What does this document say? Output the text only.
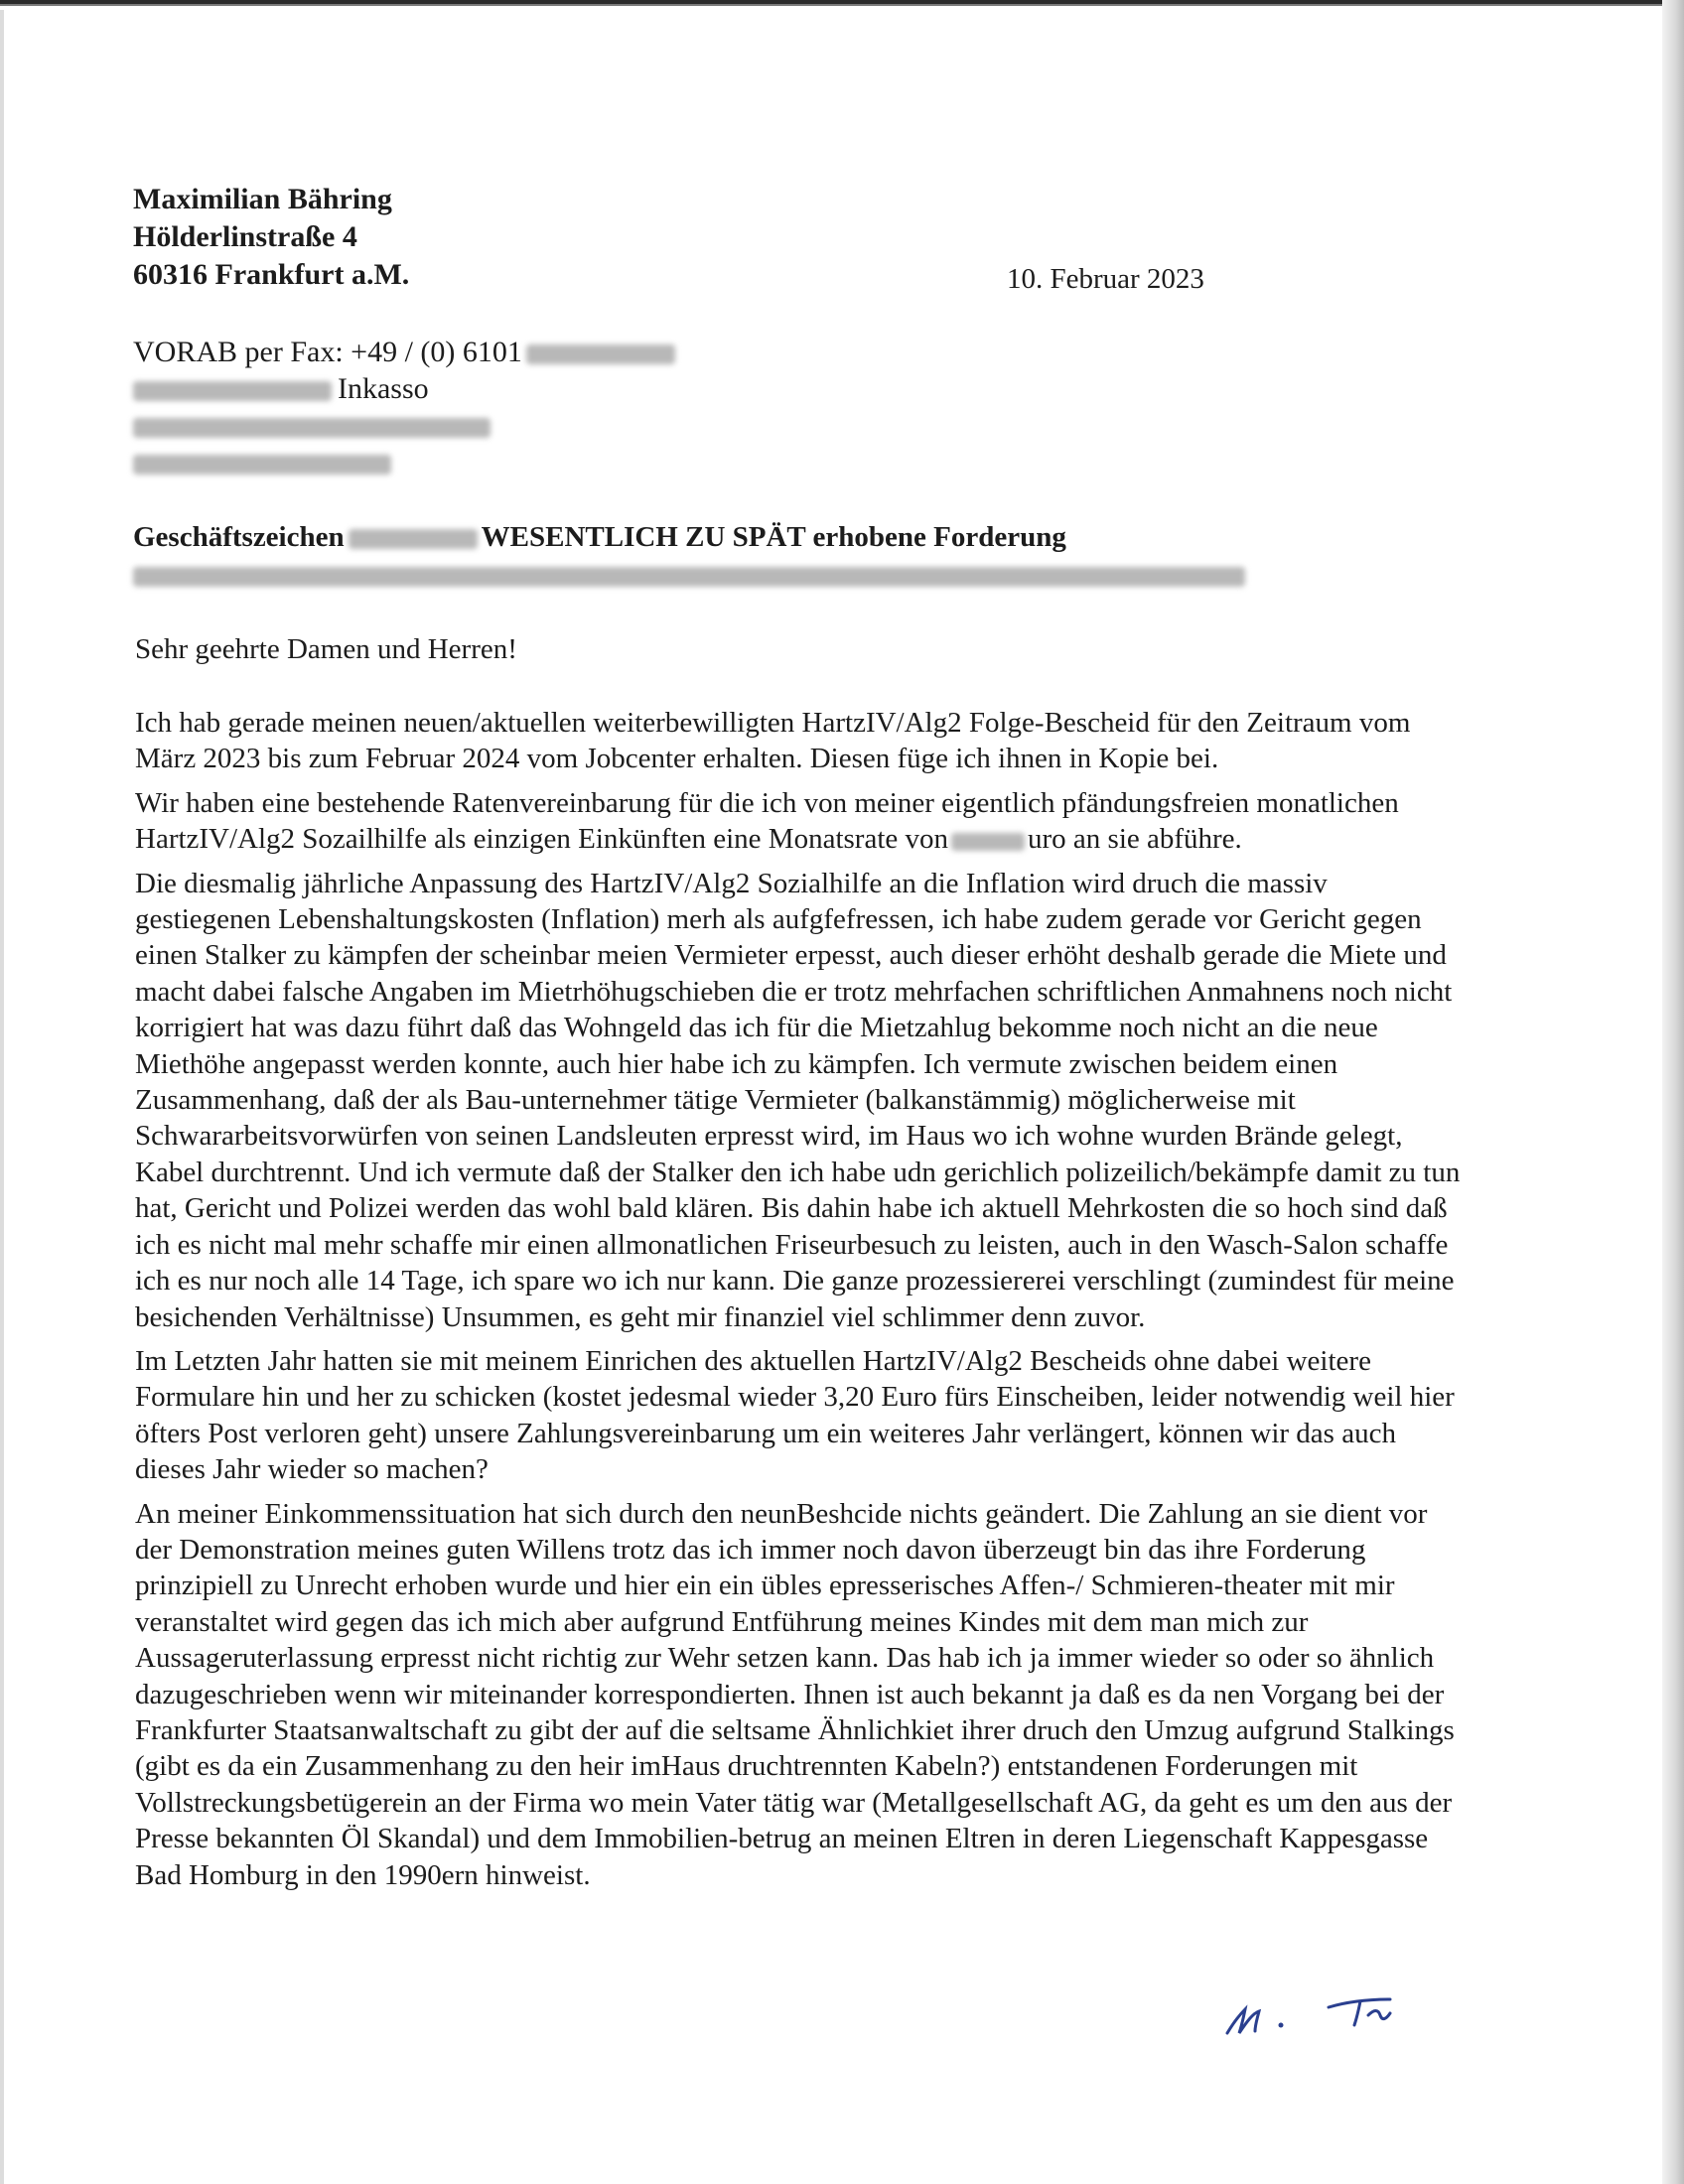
Maximilian Bähring
Hölderlinstraße 4
60316 Frankfurt a.M.	10. Februar 2023
VORAB per Fax: +49 / (0) 6101
Inkasso
Geschäftszeichen	WESENTLICH ZU SPÄT erhobene Forderung
Sehr geehrte Damen und Herren!

Ich hab gerade meinen neuen/aktuellen weiterbewilligten HartzIV/Alg2 Folge-Bescheid für den Zeitraum vom März 2023 bis zum Februar 2024 vom Jobcenter erhalten. Diesen füge ich ihnen in Kopie bei.

Wir haben eine bestehende Ratenvereinbarung für die ich von meiner eigentlich pfändungsfreien monatlichen HartzIV/Alg2 Sozailhilfe als einzigen Einkünften eine Monatsrate von	uro an sie abführe.

Die diesmalig jährliche Anpassung des HartzIV/Alg2 Sozialhilfe an die Inflation wird druch die massiv gestiegenen Lebenshaltungskosten (Inflation) merh als aufgfefressen, ich habe zudem gerade vor Gericht gegen einen Stalker zu kämpfen der scheinbar meien Vermieter erpesst, auch dieser erhöht deshalb gerade die Miete und macht dabei falsche Angaben im Mietrhöhugschieben die er trotz mehrfachen schriftlichen Anmahnens noch nicht korrigiert hat was dazu führt daß das Wohngeld das ich für die Mietzahlug bekomme noch nicht an die neue Miethöhe angepasst werden konnte, auch hier habe ich zu kämpfen. Ich vermute zwischen beidem einen Zusammenhang, daß der als Bau-unternehmer tätige Vermieter (balkanstämmig) möglicherweise mit Schwararbeitsvorwürfen von seinen Landsleuten erpresst wird, im Haus wo ich wohne wurden Brände gelegt, Kabel durchtrennt. Und ich vermute daß der Stalker den ich habe udn gerichlich polizeilich/bekämpfe damit zu tun hat, Gericht und Polizei werden das wohl bald klären. Bis dahin habe ich aktuell Mehrkosten die so hoch sind daß ich es nicht mal mehr schaffe mir einen allmonatlichen Friseurbesuch zu leisten, auch in den Wasch-Salon schaffe ich es nur noch alle 14 Tage, ich spare wo ich nur kann. Die ganze prozessiererei verschlingt (zumindest für meine besichenden Verhältnisse) Unsummen, es geht mir finanziel viel schlimmer denn zuvor.

Im Letzten Jahr hatten sie mit meinem Einrichen des aktuellen HartzIV/Alg2 Bescheids ohne dabei weitere Formulare hin und her zu schicken (kostet jedesmal wieder 3,20 Euro fürs Einscheiben, leider notwendig weil hier öfters Post verloren geht) unsere Zahlungsvereinbarung um ein weiteres Jahr verlängert, können wir das auch dieses Jahr wieder so machen?

An meiner Einkommenssituation hat sich durch den neunBeshcide nichts geändert. Die Zahlung an sie dient vor der Demonstration meines guten Willens trotz das ich immer noch davon überzeugt bin das ihre Forderung prinzipiell zu Unrecht erhoben wurde und hier ein ein übles epresserisches Affen-/ Schmieren-theater mit mir veranstaltet wird gegen das ich mich aber aufgrund Entführung meines Kindes mit dem man mich zur Aussageruterlassung erpresst nicht richtig zur Wehr setzen kann. Das hab ich ja immer wieder so oder so ähnlich dazugeschrieben wenn wir miteinander korrespondierten. Ihnen ist auch bekannt ja daß es da nen Vorgang bei der Frankfurter Staatsanwaltschaft zu gibt der auf die seltsame Ähnlichkiet ihrer druch den Umzug aufgrund Stalkings (gibt es da ein Zusammenhang zu den heir imHaus druchtrennten Kabeln?) entstandenen Forderungen mit Vollstreckungsbetügerein an der Firma wo mein Vater tätig war (Metallgesellschaft AG, da geht es um den aus der Presse bekannten Öl Skandal) und dem Immobilien-betrug an meinen Eltren in deren Liegenschaft Kappesgasse Bad Homburg in den 1990ern hinweist.
